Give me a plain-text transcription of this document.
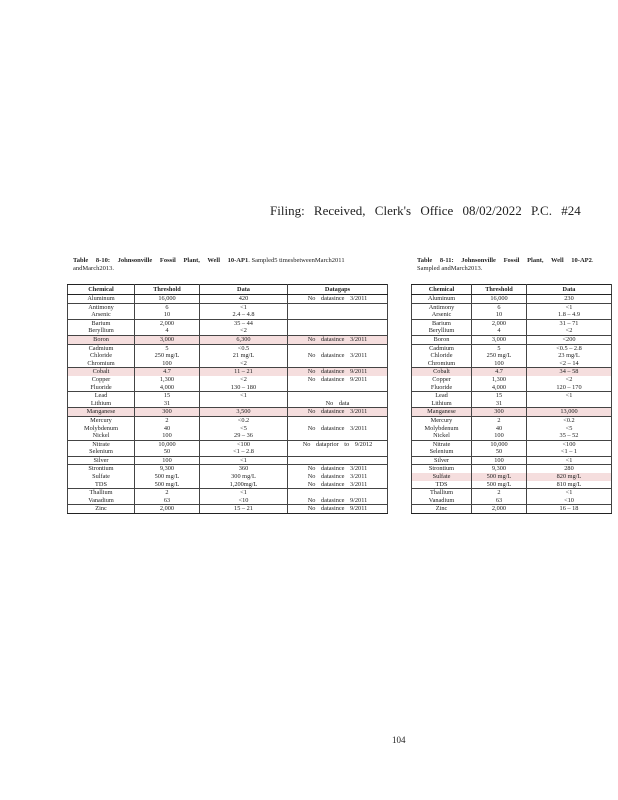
Filing: Received, Clerk's Office 08/02/2022 P.C. #24
Table 8-10: Johnsonville Fossil Plant, Well 10-AP1. Sampled5 timesbetweenMarch2011 andMarch2013.
Table 8-11: Johnsonville Fossil Plant, Well 10-AP2. Sampled andMarch2013.
Chemical	Threshold	Data	Datagaps
Aluminum	16,000	420	No datasince 3/2011
Antimony	6	<1	
Arsenic	10	2.4 – 4.8	
Barium	2,000	35 – 44	
Beryllium	4	<2	
Boron	3,000	6,300	No datasince 3/2011
Cadmium	5	<0.5	
Chloride	250 mg/L	21 mg/L	No datasince 3/2011
Chromium	100	<2	
Cobalt	4.7	11 – 21	No datasince 9/2011
Copper	1,300	<2	No datasince 9/2011
Fluoride	4,000	130 – 180	
Lead	15	<1	
Lithium	31		No data
Manganese	300	3,500	No datasince 3/2011
Mercury	2	<0.2	
Molybdenum	40	<5	No datasince 3/2011
Nickel	100	29 – 36	
Nitrate	10,000	<100	No dataprior to 9/2012
Selenium	50	<1 – 2.8	
Silver	100	<1	
Strontium	9,300	360	No datasince 3/2011
Sulfate	500 mg/L	300 mg/L	No datasince 3/2011
TDS	500 mg/L	1,200mg/L	No datasince 3/2011
Thallium	2	<1	
Vanadium	63	<10	No datasince 9/2011
Zinc	2,000	15 – 21	No datasince 9/2011
Chemical	Threshold	Data
Aluminum	16,000	230
Antimony	6	<1
Arsenic	10	1.8 – 4.9
Barium	2,000	31 – 71
Beryllium	4	<2
Boron	3,000	<200
Cadmium	5	<0.5 – 2.8
Chloride	250 mg/L	23 mg/L
Chromium	100	<2 – 14
Cobalt	4.7	34 – 58
Copper	1,300	<2
Fluoride	4,000	120 – 170
Lead	15	<1
Lithium	31	
Manganese	300	13,000
Mercury	2	<0.2
Molybdenum	40	<5
Nickel	100	35 – 52
Nitrate	10,000	<100
Selenium	50	<1 – 1
Silver	100	<1
Strontium	9,300	280
Sulfate	500 mg/L	820 mg/L
TDS	500 mg/L	810 mg/L
Thallium	2	<1
Vanadium	63	<10
Zinc	2,000	16 – 18
104
